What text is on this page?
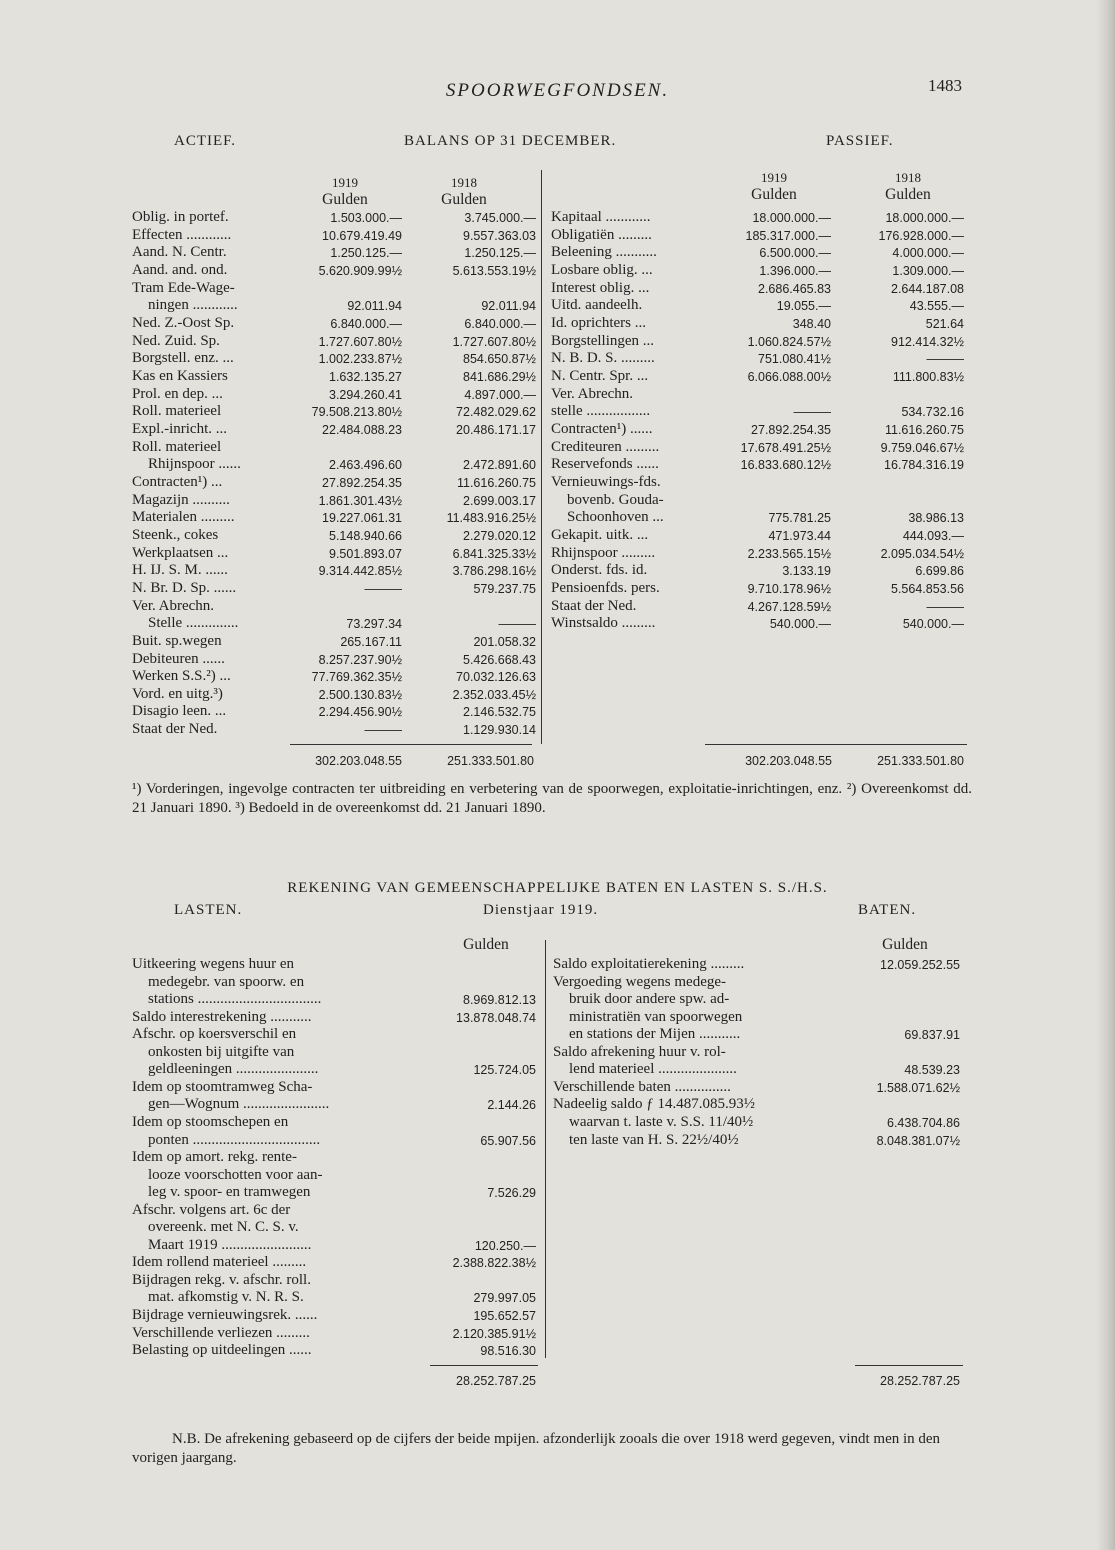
SPOORWEGFONDSEN.	1483
ACTIEF.	BALANS OP 31 DECEMBER.	PASSIEF.
1919	1918
Gulden	Gulden
1919	1918
Gulden	Gulden
Oblig. in portef.	1.503.000.—	3.745.000.—
Effecten ............	10.679.419.49	9.557.363.03
Aand. N. Centr.	1.250.125.—	1.250.125.—
Aand. and. ond.	5.620.909.99½	5.613.553.19½
Tram Ede-Wage-
ningen ............	92.011.94	92.011.94
Ned. Z.-Oost Sp.	6.840.000.—	6.840.000.—
Ned. Zuid. Sp.	1.727.607.80½	1.727.607.80½
Borgstell. enz. ...	1.002.233.87½	854.650.87½
Kas en Kassiers	1.632.135.27	841.686.29½
Prol. en dep. ...	3.294.260.41	4.897.000.—
Roll. materieel	79.508.213.80½	72.482.029.62
Expl.-inricht. ...	22.484.088.23	20.486.171.17
Roll. materieel
Rhijnspoor ......	2.463.496.60	2.472.891.60
Contracten¹) ...	27.892.254.35	11.616.260.75
Magazijn ..........	1.861.301.43½	2.699.003.17
Materialen .........	19.227.061.31	11.483.916.25½
Steenk., cokes	5.148.940.66	2.279.020.12
Werkplaatsen ...	9.501.893.07	6.841.325.33½
H. IJ. S. M. ......	9.314.442.85½	3.786.298.16½
N. Br. D. Sp. ......	———	579.237.75
Ver. Abrechn.
Stelle ..............	73.297.34	———
Buit. sp.wegen	265.167.11	201.058.32
Debiteuren ......	8.257.237.90½	5.426.668.43
Werken S.S.²) ...	77.769.362.35½	70.032.126.63
Vord. en uitg.³)	2.500.130.83½	2.352.033.45½
Disagio leen. ...	2.294.456.90½	2.146.532.75
Staat der Ned.	———	1.129.930.14
Kapitaal ............	18.000.000.—	18.000.000.—
Obligatiën .........	185.317.000.—	176.928.000.—
Beleening ...........	6.500.000.—	4.000.000.—
Losbare oblig. ...	1.396.000.—	1.309.000.—
Interest oblig. ...	2.686.465.83	2.644.187.08
Uitd. aandeelh.	19.055.—	43.555.—
Id. oprichters ...	348.40	521.64
Borgstellingen ...	1.060.824.57½	912.414.32½
N. B. D. S. .........	751.080.41½	———
N. Centr. Spr. ...	6.066.088.00½	111.800.83½
Ver. Abrechn.
stelle .................	———	534.732.16
Contracten¹) ......	27.892.254.35	11.616.260.75
Crediteuren .........	17.678.491.25½	9.759.046.67½
Reservefonds ......	16.833.680.12½	16.784.316.19
Vernieuwings-fds.
bovenb. Gouda-
Schoonhoven ...	775.781.25	38.986.13
Gekapit. uitk. ...	471.973.44	444.093.—
Rhijnspoor .........	2.233.565.15½	2.095.034.54½
Onderst. fds. id.	3.133.19	6.699.86
Pensioenfds. pers.	9.710.178.96½	5.564.853.56
Staat der Ned.	4.267.128.59½	———
Winstsaldo .........	540.000.—	540.000.—
302.203.048.55	251.333.501.80	302.203.048.55	251.333.501.80
¹) Vorderingen, ingevolge contracten ter uitbreiding en verbetering van de spoorwegen, exploitatie-inrichtingen, enz. ²) Overeenkomst dd. 21 Januari 1890. ³) Bedoeld in de overeenkomst dd. 21 Januari 1890.
REKENING VAN GEMEENSCHAPPELIJKE BATEN EN LASTEN S. S./H.S.
LASTEN.	Dienstjaar 1919.	BATEN.
Gulden	Gulden
Uitkeering wegens huur en
medegebr. van spoorw. en
stations .................................	8.969.812.13
Saldo interestrekening ...........	13.878.048.74
Afschr. op koersverschil en
onkosten bij uitgifte van
geldleeningen ......................	125.724.05
Idem op stoomtramweg Scha-
gen—Wognum .......................	2.144.26
Idem op stoomschepen en
ponten ..................................	65.907.56
Idem op amort. rekg. rente-
looze voorschotten voor aan-
leg v. spoor- en tramwegen	7.526.29
Afschr. volgens art. 6c der
overeenk. met N. C. S. v.
Maart 1919 ........................	120.250.—
Idem rollend materieel .........	2.388.822.38½
Bijdragen rekg. v. afschr. roll.
mat. afkomstig v. N. R. S.	279.997.05
Bijdrage vernieuwingsrek. ......	195.652.57
Verschillende verliezen .........	2.120.385.91½
Belasting op uitdeelingen ......	98.516.30
Saldo exploitatierekening .........	12.059.252.55
Vergoeding wegens medege-
bruik door andere spw. ad-
ministratiën van spoorwegen
en stations der Mijen ...........	69.837.91
Saldo afrekening huur v. rol-
lend materieel .....................	48.539.23
Verschillende baten ...............	1.588.071.62½
Nadeelig saldo ƒ 14.487.085.93½
waarvan t. laste v. S.S. 11/40½	6.438.704.86
ten laste van H. S. 22½/40½	8.048.381.07½
28.252.787.25	28.252.787.25
N.B. De afrekening gebaseerd op de cijfers der beide mpijen. afzonderlijk zooals die over 1918 werd gegeven, vindt men in den vorigen jaargang.
